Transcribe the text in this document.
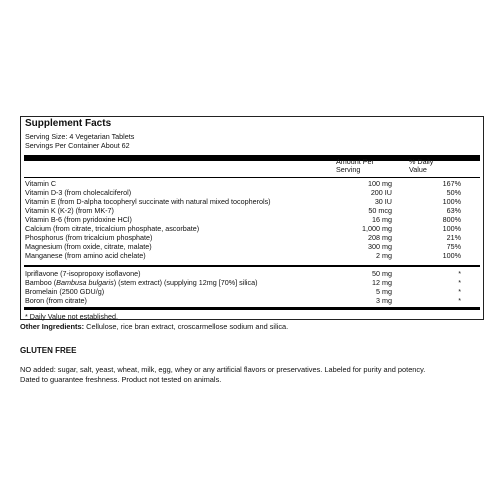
Supplement Facts
Serving Size: 4 Vegetarian Tablets
Servings Per Container About 62
Amount Per
Serving
% Daily
Value
Vitamin C	100 mg	167%
Vitamin D-3 (from cholecalciferol)	200 IU	50%
Vitamin E (from D-alpha tocopheryl succinate with natural mixed tocopherols)	30 IU	100%
Vitamin K (K-2) (from MK-7)	50 mcg	63%
Vitamin B-6 (from pyridoxine HCl)	16 mg	800%
Calcium (from citrate, tricalcium phosphate, ascorbate)	1,000 mg	100%
Phosphorus (from tricalcium phosphate)	208 mg	21%
Magnesium (from oxide, citrate, malate)	300 mg	75%
Manganese (from amino acid chelate)	2 mg	100%
Ipriflavone (7-isopropoxy isoflavone)	50 mg	*
Bamboo (Bambusa bulgaris) (stem extract) (supplying 12mg [70%] silica)	12 mg	*
Bromelain (2500 GDU/g)	5 mg	*
Boron (from citrate)	3 mg	*
* Daily Value not established.
Other Ingredients: Cellulose, rice bran extract, croscarmellose sodium and silica.
GLUTEN FREE
NO added: sugar, salt, yeast, wheat, milk, egg, whey or any artificial flavors or preservatives. Labeled for purity and potency.
Dated to guarantee freshness. Product not tested on animals.
